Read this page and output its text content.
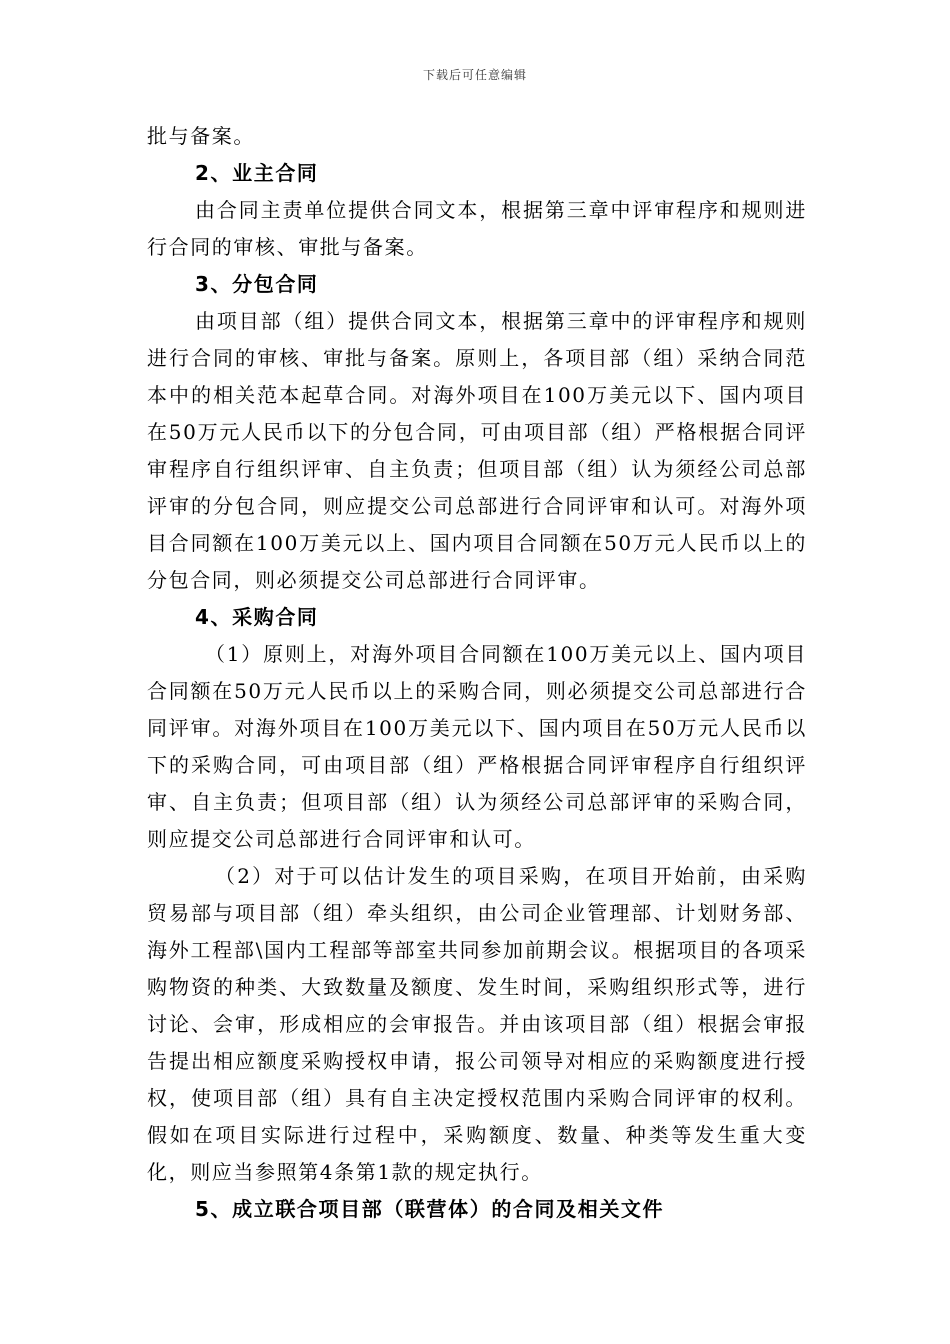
下载后可任意编辑

批与备案。

2、业主合同

由合同主责单位提供合同文本，根据第三章中评审程序和规则进行合同的审核、审批与备案。

3、分包合同

由项目部（组）提供合同文本，根据第三章中的评审程序和规则进行合同的审核、审批与备案。原则上，各项目部（组）采纳合同范本中的相关范本起草合同。对海外项目在100万美元以下、国内项目在50万元人民币以下的分包合同，可由项目部（组）严格根据合同评审程序自行组织评审、自主负责；但项目部（组）认为须经公司总部评审的分包合同，则应提交公司总部进行合同评审和认可。对海外项目合同额在100万美元以上、国内项目合同额在50万元人民币以上的分包合同，则必须提交公司总部进行合同评审。

4、采购合同

（1）原则上，对海外项目合同额在100万美元以上、国内项目合同额在50万元人民币以上的采购合同，则必须提交公司总部进行合同评审。对海外项目在100万美元以下、国内项目在50万元人民币以下的采购合同，可由项目部（组）严格根据合同评审程序自行组织评审、自主负责；但项目部（组）认为须经公司总部评审的采购合同，则应提交公司总部进行合同评审和认可。

（2）对于可以估计发生的项目采购，在项目开始前，由采购贸易部与项目部（组）牵头组织，由公司企业管理部、计划财务部、海外工程部\国内工程部等部室共同参加前期会议。根据项目的各项采购物资的种类、大致数量及额度、发生时间，采购组织形式等，进行讨论、会审，形成相应的会审报告。并由该项目部（组）根据会审报告提出相应额度采购授权申请，报公司领导对相应的采购额度进行授权，使项目部（组）具有自主决定授权范围内采购合同评审的权利。假如在项目实际进行过程中，采购额度、数量、种类等发生重大变化，则应当参照第4条第1款的规定执行。

5、成立联合项目部（联营体）的合同及相关文件
